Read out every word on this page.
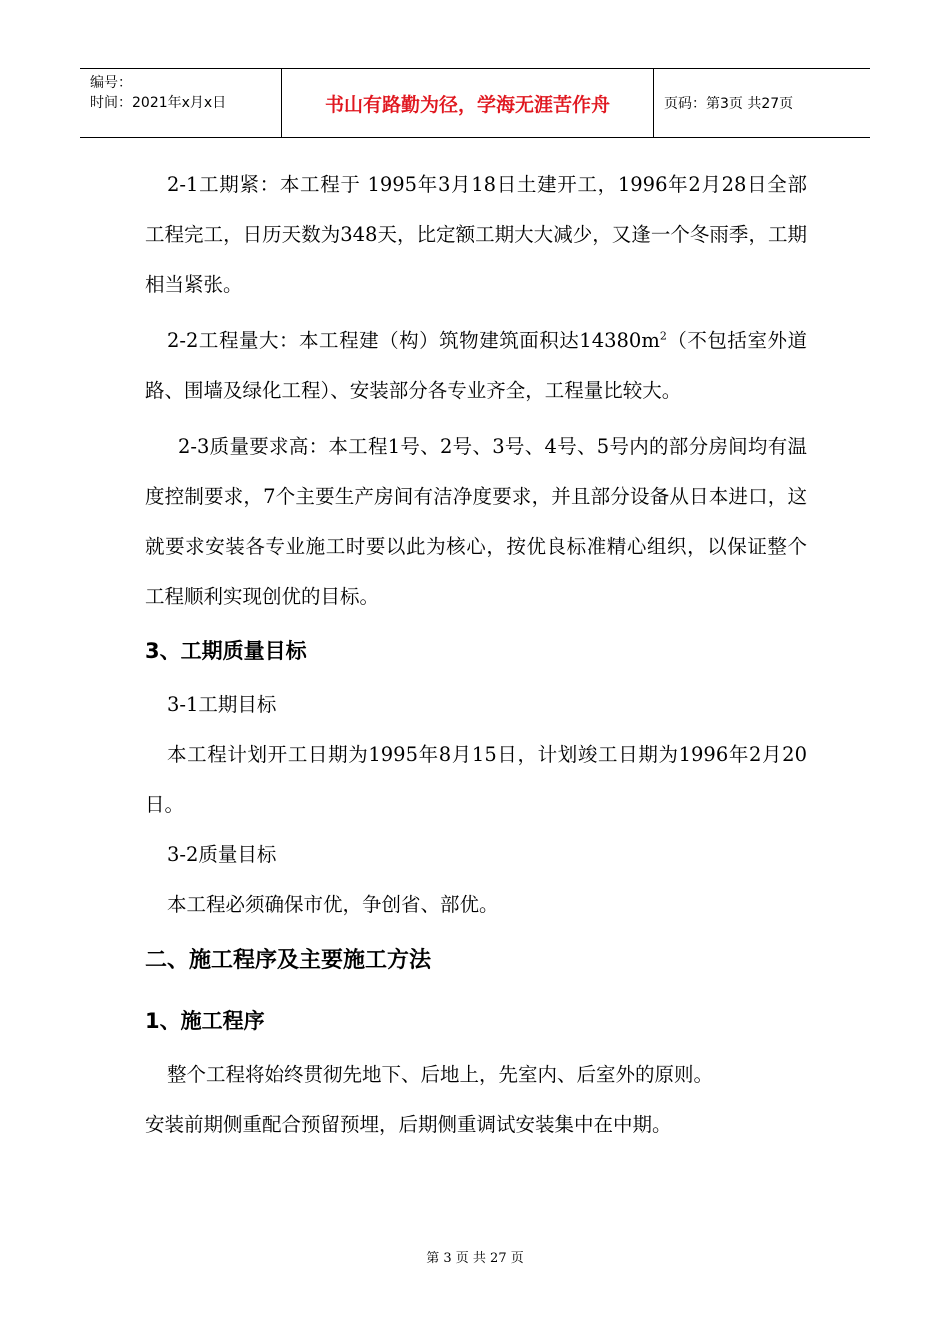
编号：
时间：2021年x月x日	书山有路勤为径，学海无涯苦作舟	页码：第3页 共27页

2-1工期紧：本工程于 1995年3月18日土建开工，1996年2月28日全部工程完工，日历天数为348天，比定额工期大大减少，又逢一个冬雨季，工期相当紧张。

2-2工程量大：本工程建（构）筑物建筑面积达$14380m^2$（不包括室外道路、围墙及绿化工程）、安装部分各专业齐全，工程量比较大。

2-3质量要求高：本工程1号、2号、3号、4号、5号内的部分房间均有温度控制要求，7个主要生产房间有洁净度要求，并且部分设备从日本进口，这就要求安装各专业施工时要以此为核心，按优良标准精心组织，以保证整个工程顺利实现创优的目标。

3、工期质量目标

3-1工期目标

本工程计划开工日期为1995年8月15日，计划竣工日期为1996年2月20日。

3-2质量目标

本工程必须确保市优，争创省、部优。

二、施工程序及主要施工方法
1、施工程序

整个工程将始终贯彻先地下、后地上，先室内、后室外的原则。

安装前期侧重配合预留预埋，后期侧重调试安装集中在中期。

第 3 页 共 27 页
